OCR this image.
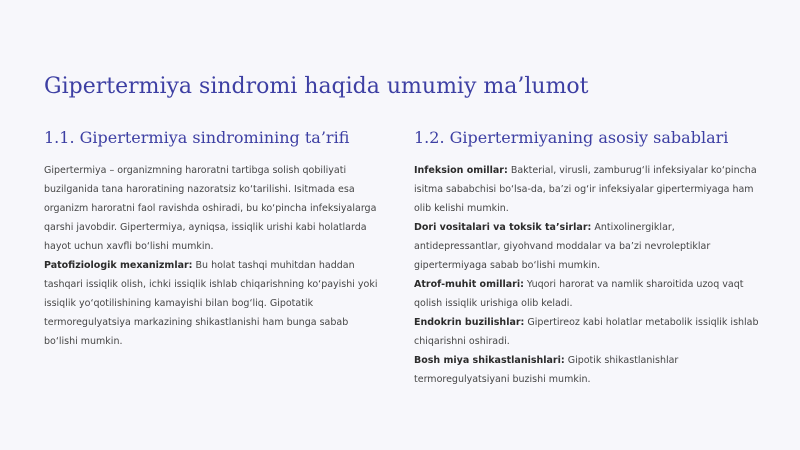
Gipertermiya sindromi haqida umumiy ma’lumot
1.1. Gipertermiya sindromining ta’rifi

Gipertermiya – organizmning haroratni tartibga solish qobiliyati buzilganida tana haroratining nazoratsiz ko‘tarilishi. Isitmada esa organizm haroratni faol ravishda oshiradi, bu ko‘pincha infeksiyalarga qarshi javobdir. Gipertermiya, ayniqsa, issiqlik urishi kabi holatlarda hayot uchun xavfli bo‘lishi mumkin.

Patofiziologik mexanizmlar: Bu holat tashqi muhitdan haddan tashqari issiqlik olish, ichki issiqlik ishlab chiqarishning ko‘payishi yoki issiqlik yo‘qotilishining kamayishi bilan bog‘liq. Gipotatik termoregulyatsiya markazining shikastlanishi ham bunga sabab bo‘lishi mumkin.

1.2. Gipertermiyaning asosiy sabablari

Infeksion omillar: Bakterial, virusli, zamburug‘li infeksiyalar ko‘pincha isitma sababchisi bo‘lsa-da, ba’zi og‘ir infeksiyalar gipertermiyaga ham olib kelishi mumkin.

Dori vositalari va toksik ta’sirlar: Antixolinergiklar, antidepressantlar, giyohvand moddalar va ba’zi nevroleptiklar gipertermiyaga sabab bo‘lishi mumkin.

Atrof-muhit omillari: Yuqori harorat va namlik sharoitida uzoq vaqt qolish issiqlik urishiga olib keladi.

Endokrin buzilishlar: Gipertireoz kabi holatlar metabolik issiqlik ishlab chiqarishni oshiradi.

Bosh miya shikastlanishlari: Gipotik shikastlanishlar termoregulyatsiyani buzishi mumkin.
